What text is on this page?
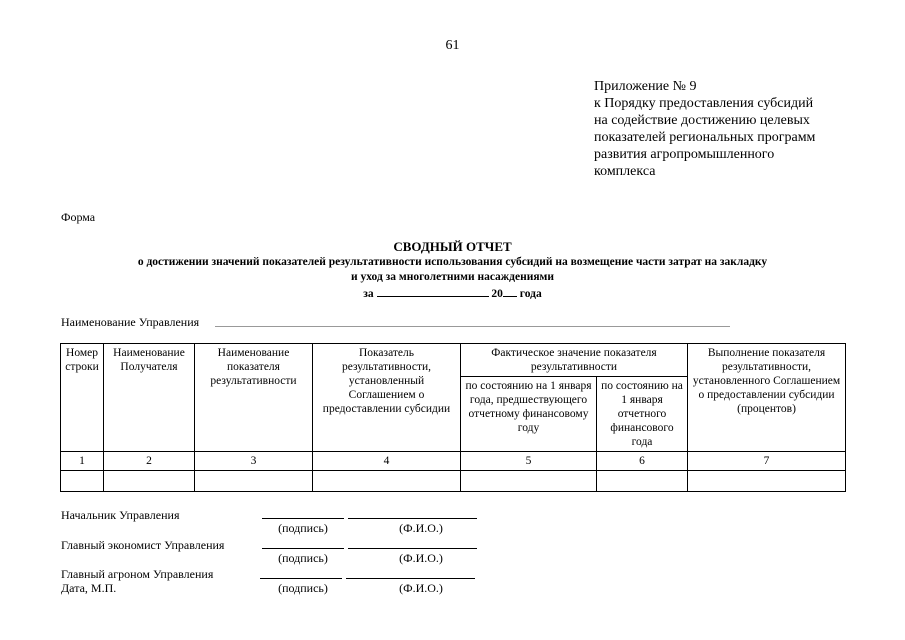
61
Приложение № 9
к Порядку предоставления субсидий
на содействие достижению целевых
показателей региональных программ
развития агропромышленного
комплекса
Форма
СВОДНЫЙ ОТЧЕТ
о достижении значений показателей результативности использования субсидий на возмещение части затрат на закладку
и уход за многолетними насаждениями
за	20 года
Наименование Управления
Номер строки	Наименование Получателя	Наименование показателя результативности	Показатель результативности, установленный Соглашением о предоставлении субсидии	Фактическое значение показателя результативности		Выполнение показателя результативности, установленного Соглашением о предоставлении субсидии (процентов)
				по состоянию на 1 января года, предшествующего отчетному финансовому году	по состоянию на 1 января отчетного финансового года	
1	2	3	4	5	6	7

Начальник Управления
(подпись)	(Ф.И.О.)
Главный экономист Управления
(подпись)	(Ф.И.О.)
Главный агроном Управления
(подпись)	(Ф.И.О.)
Дата, М.П.
